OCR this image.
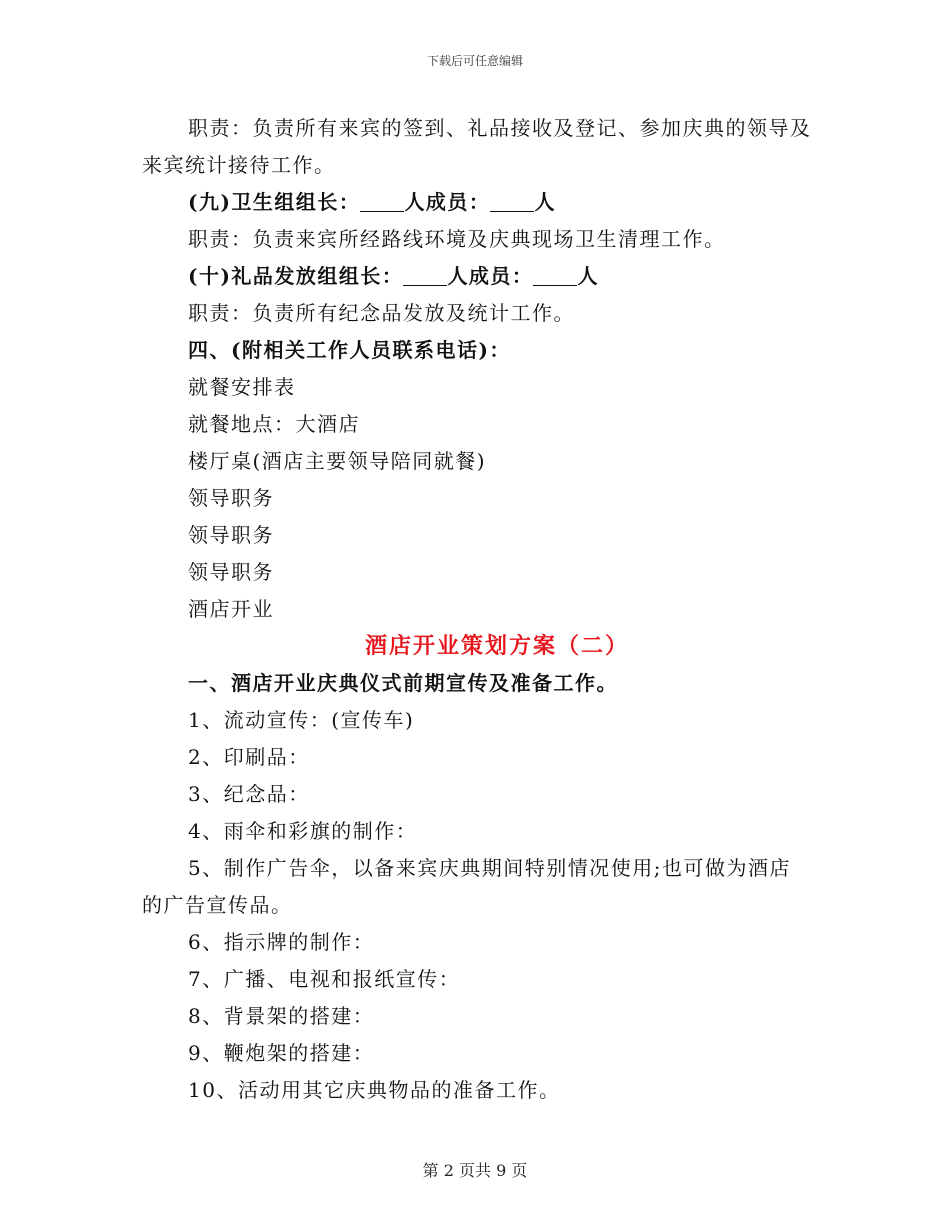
下载后可任意编辑

职责：负责所有来宾的签到、礼品接收及登记、参加庆典的领导及来宾统计接待工作。

(九)卫生组组长： 人成员： 人

职责：负责来宾所经路线环境及庆典现场卫生清理工作。

(十)礼品发放组组长： 人成员： 人

职责：负责所有纪念品发放及统计工作。

四、(附相关工作人员联系电话)：

就餐安排表

就餐地点：大酒店

楼厅桌(酒店主要领导陪同就餐)

领导职务

领导职务

领导职务

酒店开业

酒店开业策划方案（二）

一、酒店开业庆典仪式前期宣传及准备工作。

1、流动宣传：(宣传车)

2、印刷品：

3、纪念品：

4、雨伞和彩旗的制作：

5、制作广告伞，以备来宾庆典期间特别情况使用;也可做为酒店的广告宣传品。

6、指示牌的制作：

7、广播、电视和报纸宣传：

8、背景架的搭建：

9、鞭炮架的搭建：

10、活动用其它庆典物品的准备工作。

第 2 页共 9 页
